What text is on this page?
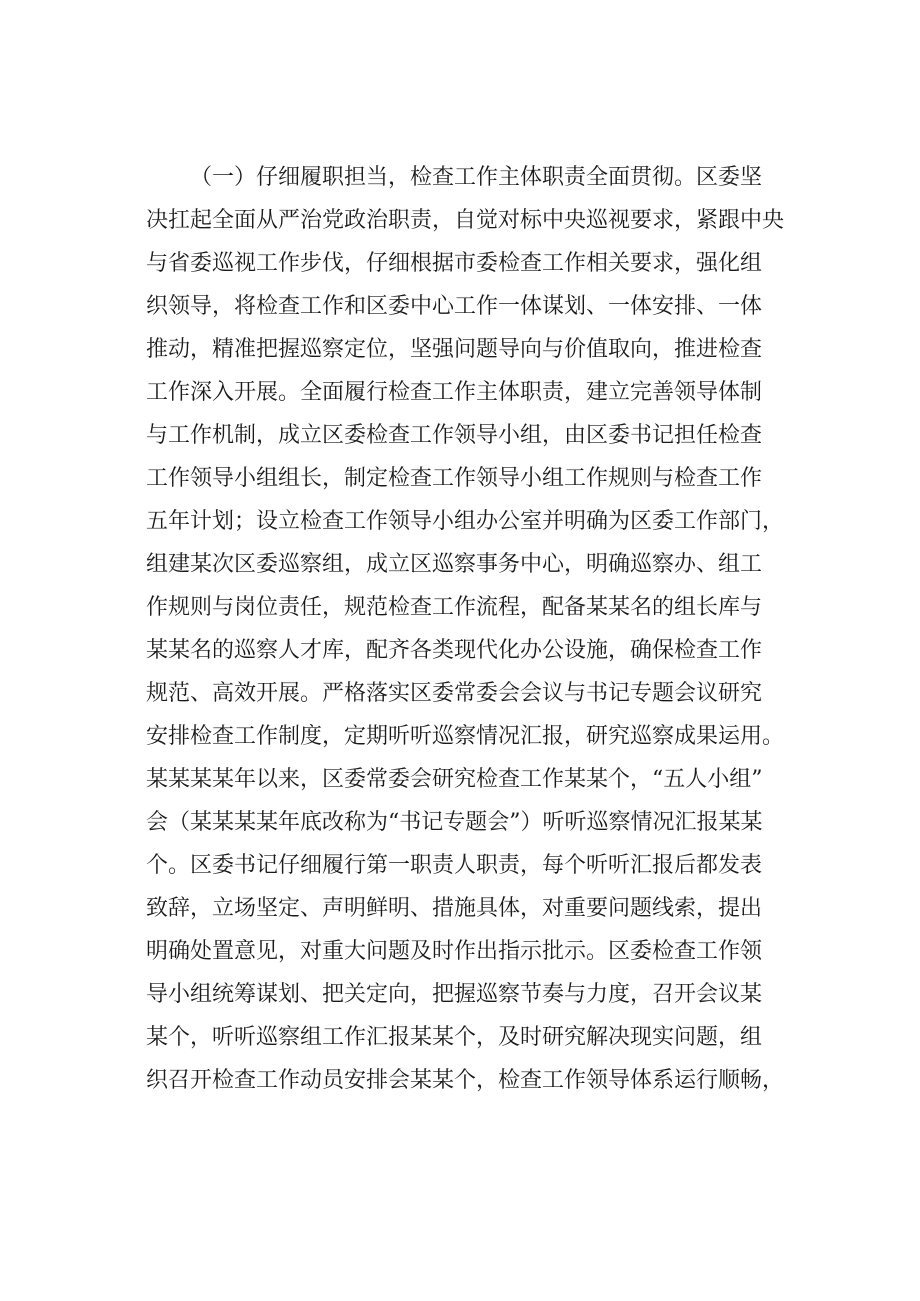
（一）仔细履职担当，检查工作主体职责全面贯彻。区委坚
决扛起全面从严治党政治职责，自觉对标中央巡视要求，紧跟中央
与省委巡视工作步伐，仔细根据市委检查工作相关要求，强化组
织领导，将检查工作和区委中心工作一体谋划、一体安排、一体
推动，精准把握巡察定位，坚强问题导向与价值取向，推进检查
工作深入开展。全面履行检查工作主体职责，建立完善领导体制
与工作机制，成立区委检查工作领导小组，由区委书记担任检查
工作领导小组组长，制定检查工作领导小组工作规则与检查工作
五年计划；设立检查工作领导小组办公室并明确为区委工作部门，
组建某次区委巡察组，成立区巡察事务中心，明确巡察办、组工
作规则与岗位责任，规范检查工作流程，配备某某名的组长库与
某某名的巡察人才库，配齐各类现代化办公设施，确保检查工作
规范、高效开展。严格落实区委常委会会议与书记专题会议研究
安排检查工作制度，定期听听巡察情况汇报，研究巡察成果运用。
某某某某年以来，区委常委会研究检查工作某某个，“五人小组”
会（某某某某年底改称为“书记专题会”）听听巡察情况汇报某某
个。区委书记仔细履行第一职责人职责，每个听听汇报后都发表
致辞，立场坚定、声明鲜明、措施具体，对重要问题线索，提出
明确处置意见，对重大问题及时作出指示批示。区委检查工作领
导小组统筹谋划、把关定向，把握巡察节奏与力度，召开会议某
某个，听听巡察组工作汇报某某个，及时研究解决现实问题，组
织召开检查工作动员安排会某某个，检查工作领导体系运行顺畅，
